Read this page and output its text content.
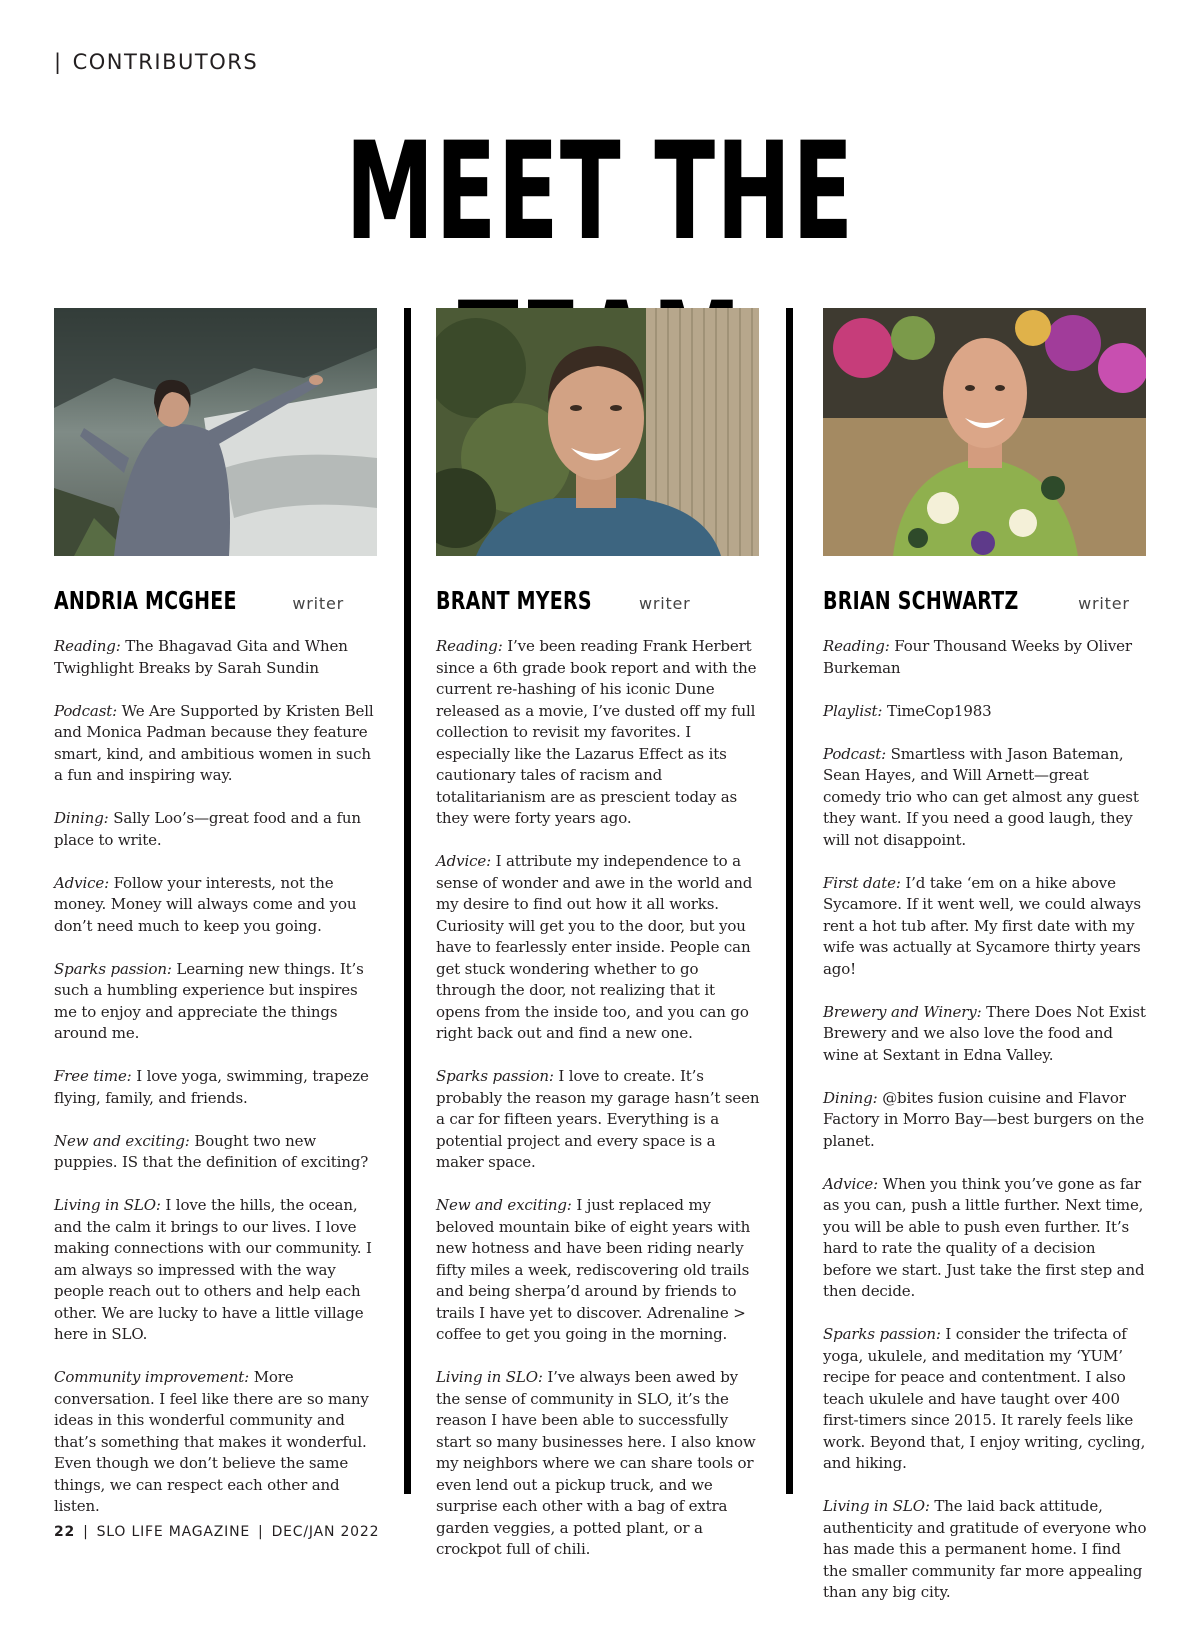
| CONTRIBUTORS
MEET THE
ANDRIA MCGHEE	writer

Reading: The Bhagavad Gita and When Twighlight Breaks by Sarah Sundin

Podcast: We Are Supported by Kristen Bell and Monica Padman because they feature smart, kind, and ambitious women in such a fun and inspiring way.

Dining: Sally Loo’s—great food and a fun place to write.

Advice: Follow your interests, not the money. Money will always come and you don’t need much to keep you going.

Sparks passion: Learning new things. It’s such a humbling experience but inspires me to enjoy and appreciate the things around me.

Free time: I love yoga, swimming, trapeze flying, family, and friends.

New and exciting: Bought two new puppies. IS that the definition of exciting?

Living in SLO: I love the hills, the ocean, and the calm it brings to our lives. I love making connections with our community. I am always so impressed with the way people reach out to others and help each other. We are lucky to have a little village here in SLO.

Community improvement: More conversation. I feel like there are so many ideas in this wonderful community and that’s something that makes it wonderful. Even though we don’t believe the same things, we can respect each other and listen.

BRANT MYERS	writer

Reading: I’ve been reading Frank Herbert since a 6th grade book report and with the current re-hashing of his iconic Dune released as a movie, I’ve dusted off my full collection to revisit my favorites. I especially like the Lazarus Effect as its cautionary tales of racism and totalitarianism are as prescient today as they were forty years ago.

Advice: I attribute my independence to a sense of wonder and awe in the world and my desire to find out how it all works. Curiosity will get you to the door, but you have to fearlessly enter inside. People can get stuck wondering whether to go through the door, not realizing that it opens from the inside too, and you can go right back out and find a new one.

Sparks passion: I love to create. It’s probably the reason my garage hasn’t seen a car for fifteen years. Everything is a potential project and every space is a maker space.

New and exciting: I just replaced my beloved mountain bike of eight years with new hotness and have been riding nearly fifty miles a week, rediscovering old trails and being sherpa’d around by friends to trails I have yet to discover. Adrenaline > coffee to get you going in the morning.

Living in SLO: I’ve always been awed by the sense of community in SLO, it’s the reason I have been able to successfully start so many businesses here. I also know my neighbors where we can share tools or even lend out a pickup truck, and we surprise each other with a bag of extra garden veggies, a potted plant, or a crockpot full of chili.

BRIAN SCHWARTZ	writer

Reading: Four Thousand Weeks by Oliver Burkeman

Playlist: TimeCop1983

Podcast: Smartless with Jason Bateman, Sean Hayes, and Will Arnett—great comedy trio who can get almost any guest they want. If you need a good laugh, they will not disappoint.

First date: I’d take ‘em on a hike above Sycamore. If it went well, we could always rent a hot tub after. My first date with my wife was actually at Sycamore thirty years ago!

Brewery and Winery: There Does Not Exist Brewery and we also love the food and wine at Sextant in Edna Valley.

Dining: @bites fusion cuisine and Flavor Factory in Morro Bay—best burgers on the planet.

Advice: When you think you’ve gone as far as you can, push a little further. Next time, you will be able to push even further. It’s hard to rate the quality of a decision before we start. Just take the first step and then decide.

Sparks passion: I consider the trifecta of yoga, ukulele, and meditation my ‘YUM’ recipe for peace and contentment. I also teach ukulele and have taught over 400 first-timers since 2015. It rarely feels like work. Beyond that, I enjoy writing, cycling, and hiking.

Living in SLO: The laid back attitude, authenticity and gratitude of everyone who has made this a permanent home. I find the smaller community far more appealing than any big city.

22 | SLO LIFE MAGAZINE | DEC/JAN 2022
